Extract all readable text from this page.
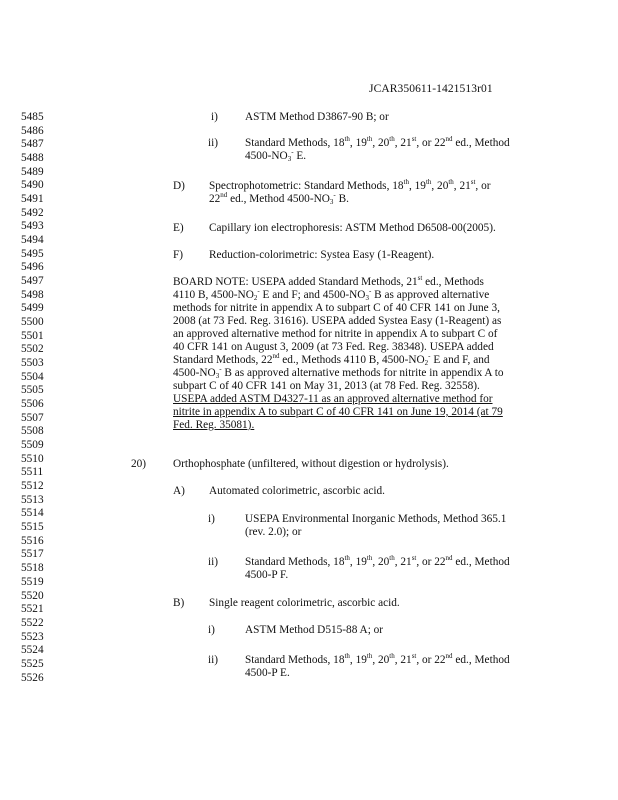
JCAR350611-1421513r01
5485
5486
5487
5488
5489
5490
5491
5492
5493
5494
5495
5496
5497
5498
5499
5500
5501
5502
5503
5504
5505
5506
5507
5508
5509
5510
5511
5512
5513
5514
5515
5516
5517
5518
5519
5520
5521
5522
5523
5524
5525
5526
i) ASTM Method D3867-90 B; or
ii) Standard Methods, 18th, 19th, 20th, 21st, or 22nd ed., Method
$4500-NO_3^-$ E.
D) Spectrophotometric: Standard Methods, 18th, 19th, 20th, 21st, or
22nd ed., Method $4500-NO_3^-$ B.
E) Capillary ion electrophoresis: ASTM Method D6508-00(2005).
F) Reduction-colorimetric: Systea Easy (1-Reagent).
BOARD NOTE: USEPA added Standard Methods, 21st ed., Methods
4110 B, $4500-NO_2^-$ E and F; and $4500-NO_3^-$ B as approved alternative
methods for nitrite in appendix A to subpart C of 40 CFR 141 on June 3,
2008 (at 73 Fed. Reg. 31616). USEPA added Systea Easy (1-Reagent) as
an approved alternative method for nitrite in appendix A to subpart C of
40 CFR 141 on August 3, 2009 (at 73 Fed. Reg. 38348). USEPA added
Standard Methods, 22nd ed., Methods 4110 B, $4500-NO_2^-$ E and F, and
$4500-NO_3^-$ B as approved alternative methods for nitrite in appendix A to
subpart C of 40 CFR 141 on May 31, 2013 (at 78 Fed. Reg. 32558).
USEPA added ASTM D4327-11 as an approved alternative method for
nitrite in appendix A to subpart C of 40 CFR 141 on June 19, 2014 (at 79
Fed. Reg. 35081).
20) Orthophosphate (unfiltered, without digestion or hydrolysis).
A) Automated colorimetric, ascorbic acid.
i)	USEPA Environmental Inorganic Methods, Method 365.1
(rev. 2.0); or
ii) Standard Methods, 18th, 19th, 20th, 21st, or 22nd ed., Method
4500-P F.
B) Single reagent colorimetric, ascorbic acid.
i)	ASTM Method D515-88 A; or
ii) Standard Methods, 18th, 19th, 20th, 21st, or 22nd ed., Method
4500-P E.
